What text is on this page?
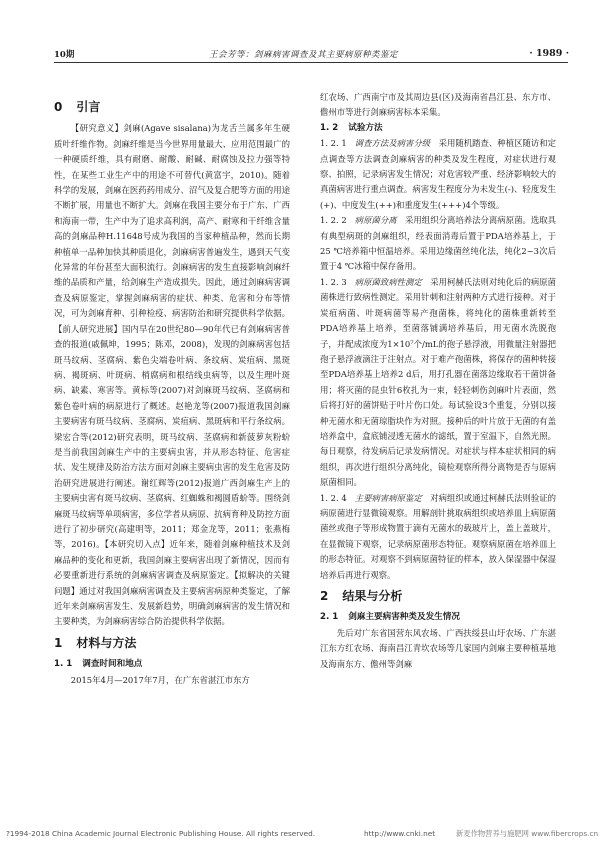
10期	王会芳等：剑麻病害调查及其主要病原种类鉴定	· 1989 ·
0 引言

【研究意义】剑麻(Agave sisalana)为龙舌兰属多年生硬质叶纤维作物。剑麻纤维是当今世界用量最大、应用范围最广的一种硬质纤维，具有耐磨、耐酸、耐碱、耐腐蚀及拉力强等特性，在某些工业生产中的用途不可替代(黄富宇，2010)。随着科学的发展，剑麻在医药药用成分、沼气及复合肥等方面的用途不断扩展，用量也不断扩大。剑麻在我国主要分布于广东、广西和海南一带，生产中为了追求高利润，高产、耐寒和干纤维含量高的剑麻品种H.11648号成为我国的当家种植品种，然而长期种植单一品种加快其种质退化，剑麻病害普遍发生，遇到天气变化异常的年份甚至大面积流行。剑麻病害的发生直接影响剑麻纤维的品质和产量，给剑麻生产造成损失。因此，通过剑麻病害调查及病原鉴定，掌握剑麻病害的症状、种类、危害和分布等情况，可为剑麻育种、引种检疫、病害防治和研究提供科学依据。【前人研究进展】国内早在20世纪80—90年代已有剑麻病害普查的报道(戚佩坤，1995；陈邓，2008)，发现的剑麻病害包括斑马纹病、茎腐病、紫色尖端卷叶病、条纹病、炭疽病、黑斑病、褐斑病、叶斑病、梢腐病和根结线虫病等，以及生理叶斑病、缺素、寒害等。黄标等(2007)对剑麻斑马纹病、茎腐病和紫色卷叶病的病原进行了概述。赵艳龙等(2007)报道我国剑麻主要病害有斑马纹病、茎腐病、炭疽病、黑斑病和平行条纹病。梁宏合等(2012)研究表明，斑马纹病、茎腐病和新菠萝灰粉蚧是当前我国剑麻生产中的主要病虫害，并从形态特征、危害症状、发生规律及防治方法方面对剑麻主要病虫害的发生危害及防治研究进展进行阐述。谢红辉等(2012)报道广西剑麻生产上的主要病虫害有斑马纹病、茎腐病、红蜘蛛和褐圆盾蚧等。围绕剑麻斑马纹病等单项病害，多位学者从病原、抗病育种及防控方面进行了初步研究(高建明等，2011；郑金龙等，2011；张燕梅等，2016)。【本研究切入点】近年来，随着剑麻种植技术及剑麻品种的变化和更新，我国剑麻主要病害出现了新情况，因而有必要重新进行系统的剑麻病害调查及病原鉴定。【拟解决的关键问题】通过对我国剑麻病害调查及主要病害病原种类鉴定，了解近年来剑麻病害发生、发展新趋势，明确剑麻病害的发生情况和主要种类，为剑麻病害综合防治提供科学依据。

1 材料与方法
1. 1 调查时间和地点

2015年4月—2017年7月，在广东省湛江市东方

红农场、广西南宁市及其周边县(区)及海南省昌江县、东方市、儋州市等进行剑麻病害标本采集。

1. 2 试验方法

1. 2. 1 调查方法及病害分级　 采用随机踏查、种植区随访和定点调查等方法调查剑麻病害的种类及发生程度，对症状进行观察、拍照，记录病害发生情况；对危害较严重、经济影响较大的真菌病害进行重点调查。病害发生程度分为未发生(-)、轻度发生(+)、中度发生(++)和重度发生(+++)4个等级。

1. 2. 2 病原菌分离　 采用组织分离培养法分离病原菌。选取具有典型病斑的剑麻组织，经表面消毒后置于PDA培养基上，于25 ℃培养箱中恒温培养。采用边缘菌丝纯化法，纯化2~3次后置于4 ℃冰箱中保存备用。

1. 2. 3 病原菌致病性测定　 采用柯赫氏法则对纯化后的病原菌菌株进行致病性测定。采用针刺和注射两种方式进行接种。对于炭疽病菌、叶斑病菌等易产孢菌株，将纯化的菌株重新转至PDA培养基上培养，至菌落铺满培养基后，用无菌水洗脱孢子，并配成浓度为1×10⁷个/mL的孢子悬浮液，用微量注射器把孢子悬浮液滴注于注射点。对于难产孢菌株，将保存的菌种转接至PDA培养基上培养2 d后，用打孔器在菌落边缘取若干菌饼备用；将灭菌的昆虫针6枚扎为一束，轻轻刺伤剑麻叶片表面，然后将打好的菌饼贴于叶片伤口处。每试验设3个重复，分别以接种无菌水和无菌琼脂块作为对照。接种后的叶片放于无菌的有盖培养盒中，盒底铺浸透无菌水的滤纸，置于室温下，自然光照。每日观察，待发病后记录发病情况。对症状与样本症状相同的病组织，再次进行组织分离纯化，镜检观察所得分离物是否与原病原菌相同。

1. 2. 4 主要病害病原鉴定　 对病组织或通过柯赫氏法则验证的病原菌进行显微镜观察。用解剖针挑取病组织或培养皿上病原菌菌丝或孢子等形成物置于滴有无菌水的载玻片上，盖上盖玻片，在显微镜下观察，记录病原菌形态特征。观察病原菌在培养皿上的形态特征。对观察不到病原菌特征的样本，放入保湿器中保湿培养后再进行观察。

2 结果与分析
2. 1 剑麻主要病害种类及发生情况

先后对广东省国营东风农场、广西扶绥县山圩农场、广东湛江东方红农场、海南昌江青坎农场等几家国内剑麻主要种植基地及海南东方、儋州等剑麻

?1994-2018 China Academic Journal Electronic Publishing House. All rights reserved.	http://www.cnki.net	新麦作物营养与施肥网 www.fibercrops.cn
